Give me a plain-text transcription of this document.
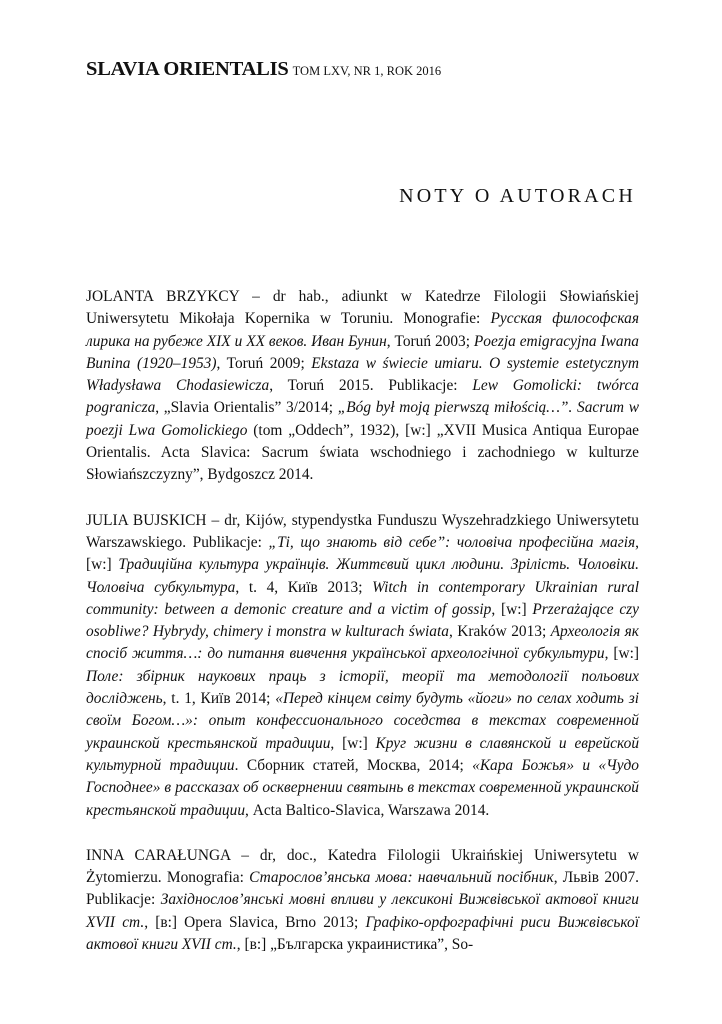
SLAVIA ORIENTALIS TOM LXV, NR 1, ROK 2016
NOTY O AUTORACH

JOLANTA BRZYKCY – dr hab., adiunkt w Katedrze Filologii Słowiańskiej Uniwersytetu Mikołaja Kopernika w Toruniu. Monografie: Русская философская лирика на рубеже XIX и XX веков. Иван Бунин, Toruń 2003; Poezja emigracyjna Iwana Bunina (1920–1953), Toruń 2009; Ekstaza w świecie umiaru. O systemie estetycznym Władysława Chodasiewicza, Toruń 2015. Publikacje: Lew Gomolicki: twórca pogranicza, „Slavia Orientalis” 3/2014; „Bóg był moją pierwszą miłością…”. Sacrum w poezji Lwa Gomolickiego (tom „Oddech”, 1932), [w:] „XVII Musica Antiqua Europae Orientalis. Acta Slavica: Sacrum świata wschodniego i zachodniego w kulturze Słowiańszczyzny”, Bydgoszcz 2014.

JULIA BUJSKICH – dr, Kijów, stypendystka Funduszu Wyszehradzkiego Uniwersytetu Warszawskiego. Publikacje: „Ті, що знають від себе”: чоловіча професійна магія, [w:] Традиційна культура українців. Життєвий цикл людини. Зрілість. Чоловіки. Чоловіча субкультура, t. 4, Київ 2013; Witch in contemporary Ukrainian rural community: between a demonic creature and a victim of gossip, [w:] Przerażające czy osobliwe? Hybrydy, chimery i monstra w kulturach świata, Kraków 2013; Археологія як спосіб життя…: до питання вивчення української археологічної субкультури, [w:] Поле: збірник наукових праць з історії, теорії та методології польових досліджень, t. 1, Київ 2014; «Перед кінцем світу будуть «йоги» по селах ходить зі своїм Богом…»: опыт конфессионального соседства в текстах современной украинской крестьянской традиции, [w:] Круг жизни в славянской и еврейской культурной традиции. Сборник статей, Москва, 2014; «Кара Божья» и «Чудо Господнее» в рассказах об осквернении святынь в текстах современной украинской крестьянской традиции, Acta Baltico-Slavica, Warszawa 2014.

INNA CARAŁUNGA – dr, doc., Katedra Filologii Ukraińskiej Uniwersytetu w Żytomierzu. Monografia: Старослов’янська мова: навчальний посібник, Львів 2007. Publikacje: Західнослов’янські мовні впливи у лексиконі Вижвівської актової книги XVII ст., [в:] Opera Slavica, Brno 2013; Графіко-орфографічні риси Вижвівської актової книги XVII ст., [в:] „Българска украинистика”, So-
